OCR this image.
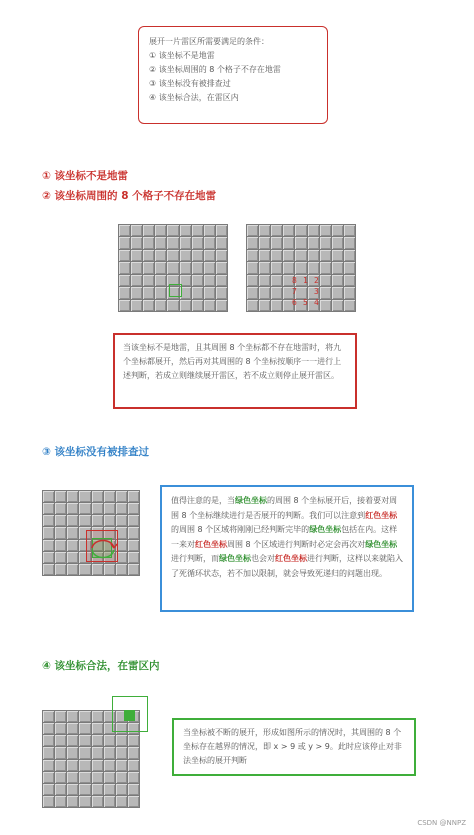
展开一片雷区所需要满足的条件：
① 该坐标不是地雷
② 该坐标周围的 8 个格子不存在地雷
③ 该坐标没有被排查过
④ 该坐标合法，在雷区内
① 该坐标不是地雷
② 该坐标周围的 8 个格子不存在地雷
8 1 2
7 3
6 5 4
当该坐标不是地雷，且其周围 8 个坐标都不存在地雷时，将九个坐标都展开，然后再对其周围的 8 个坐标按顺序一一进行上述判断，若成立则继续展开雷区，若不成立则停止展开雷区。
③ 该坐标没有被排查过
值得注意的是，当绿色坐标的周围 8 个坐标展开后，接着要对周围 8 个坐标继续进行是否展开的判断。我们可以注意到红色坐标的周围 8 个区域将刚刚已经判断完毕的绿色坐标包括在内。这样一来对红色坐标周围 8 个区域进行判断时必定会再次对绿色坐标进行判断，而绿色坐标也会对红色坐标进行判断，这样以来就陷入了死循环状态，若不加以限制，就会导致死递归的问题出现。
④ 该坐标合法，在雷区内
当坐标被不断的展开，形成如图所示的情况时，其周围的 8 个坐标存在越界的情况，即 x > 9 或 y > 9。此时应该停止对非法坐标的展开判断
CSDN @NNPZ
